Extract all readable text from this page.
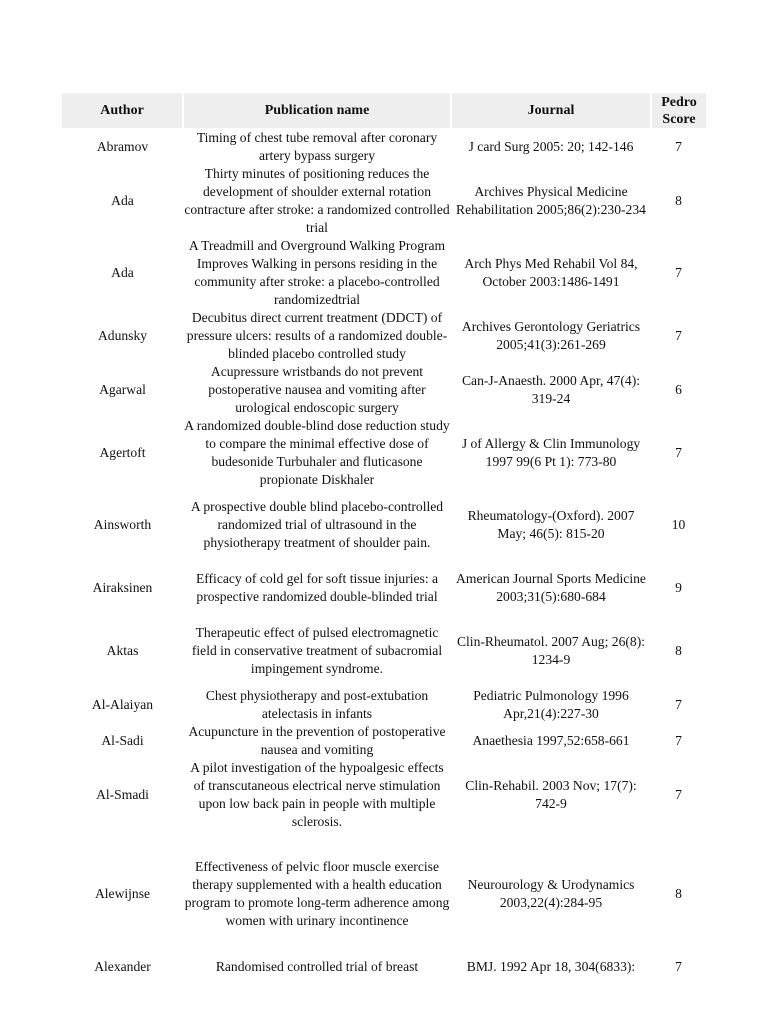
Author	Publication name	Journal	Pedro Score
Abramov	Timing of chest tube removal after coronary artery bypass surgery	J card Surg 2005: 20; 142-146	7
Ada	Thirty minutes of positioning reduces the development of shoulder external rotation contracture after stroke: a randomized controlled trial	Archives Physical Medicine Rehabilitation 2005;86(2):230-234	8
Ada	A Treadmill and Overground Walking Program Improves Walking in persons residing in the community after stroke: a placebo-controlled randomizedtrial	Arch Phys Med Rehabil Vol 84, October 2003:1486-1491	7
Adunsky	Decubitus direct current treatment (DDCT) of pressure ulcers: results of a randomized double-blinded placebo controlled study	Archives Gerontology Geriatrics 2005;41(3):261-269	7
Agarwal	Acupressure wristbands do not prevent postoperative nausea and vomiting after urological endoscopic surgery	Can-J-Anaesth. 2000 Apr, 47(4): 319-24	6
Agertoft	A randomized double-blind dose reduction study to compare the minimal effective dose of budesonide Turbuhaler and fluticasone propionate Diskhaler	J of Allergy & Clin Immunology 1997 99(6 Pt 1): 773-80	7
Ainsworth	A prospective double blind placebo-controlled randomized trial of ultrasound in the physiotherapy treatment of shoulder pain.	Rheumatology-(Oxford). 2007 May; 46(5): 815-20	10
Airaksinen	Efficacy of cold gel for soft tissue injuries: a prospective randomized double-blinded trial	American Journal Sports Medicine 2003;31(5):680-684	9
Aktas	Therapeutic effect of pulsed electromagnetic field in conservative treatment of subacromial impingement syndrome.	Clin-Rheumatol. 2007 Aug; 26(8): 1234-9	8
Al-Alaiyan	Chest physiotherapy and post-extubation atelectasis in infants	Pediatric Pulmonology 1996 Apr,21(4):227-30	7
Al-Sadi	Acupuncture in the prevention of postoperative nausea and vomiting	Anaethesia 1997,52:658-661	7
Al-Smadi	A pilot investigation of the hypoalgesic effects of transcutaneous electrical nerve stimulation upon low back pain in people with multiple sclerosis.	Clin-Rehabil. 2003 Nov; 17(7): 742-9	7
Alewijnse	Effectiveness of pelvic floor muscle exercise therapy supplemented with a health education program to promote long-term adherence among women with urinary incontinence	Neurourology & Urodynamics 2003,22(4):284-95	8
Alexander	Randomised controlled trial of breast	BMJ. 1992 Apr 18, 304(6833):	7
